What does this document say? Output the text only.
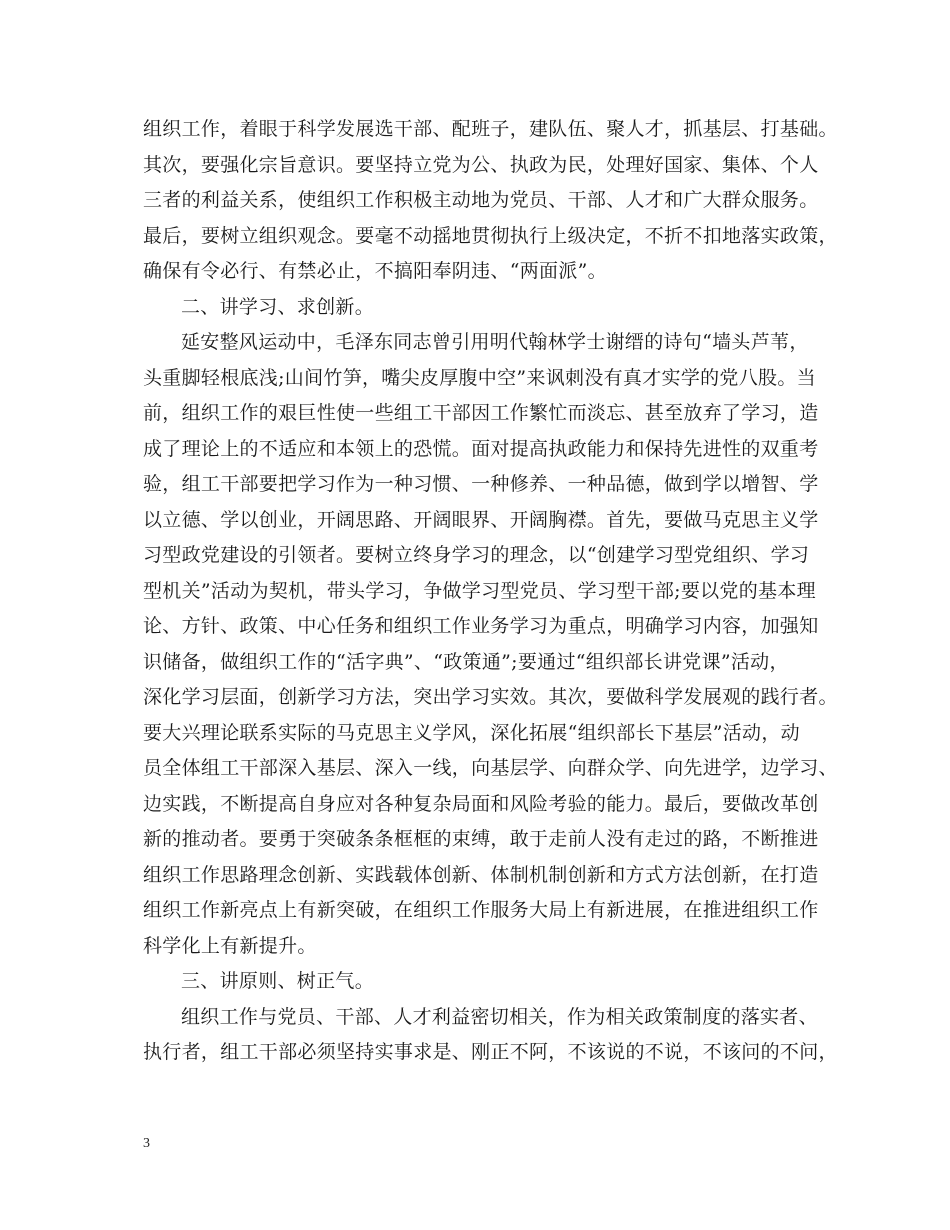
组织工作，着眼于科学发展选干部、配班子，建队伍、聚人才，抓基层、打基础。
其次，要强化宗旨意识。要坚持立党为公、执政为民，处理好国家、集体、个人
三者的利益关系，使组织工作积极主动地为党员、干部、人才和广大群众服务。
最后，要树立组织观念。要毫不动摇地贯彻执行上级决定，不折不扣地落实政策，
确保有令必行、有禁必止，不搞阳奉阴违、“两面派”。
二、讲学习、求创新。
延安整风运动中，毛泽东同志曾引用明代翰林学士谢缙的诗句“墙头芦苇，
头重脚轻根底浅;山间竹笋，嘴尖皮厚腹中空”来讽刺没有真才实学的党八股。当
前，组织工作的艰巨性使一些组工干部因工作繁忙而淡忘、甚至放弃了学习，造
成了理论上的不适应和本领上的恐慌。面对提高执政能力和保持先进性的双重考
验，组工干部要把学习作为一种习惯、一种修养、一种品德，做到学以增智、学
以立德、学以创业，开阔思路、开阔眼界、开阔胸襟。首先，要做马克思主义学
习型政党建设的引领者。要树立终身学习的理念，以“创建学习型党组织、学习
型机关”活动为契机，带头学习，争做学习型党员、学习型干部;要以党的基本理
论、方针、政策、中心任务和组织工作业务学习为重点，明确学习内容，加强知
识储备，做组织工作的“活字典”、“政策通”;要通过“组织部长讲党课”活动，
深化学习层面，创新学习方法，突出学习实效。其次，要做科学发展观的践行者。
要大兴理论联系实际的马克思主义学风，深化拓展“组织部长下基层”活动，动
员全体组工干部深入基层、深入一线，向基层学、向群众学、向先进学，边学习、
边实践，不断提高自身应对各种复杂局面和风险考验的能力。最后，要做改革创
新的推动者。要勇于突破条条框框的束缚，敢于走前人没有走过的路，不断推进
组织工作思路理念创新、实践载体创新、体制机制创新和方式方法创新，在打造
组织工作新亮点上有新突破，在组织工作服务大局上有新进展，在推进组织工作
科学化上有新提升。
三、讲原则、树正气。
组织工作与党员、干部、人才利益密切相关，作为相关政策制度的落实者、
执行者，组工干部必须坚持实事求是、刚正不阿，不该说的不说，不该问的不问，
3
